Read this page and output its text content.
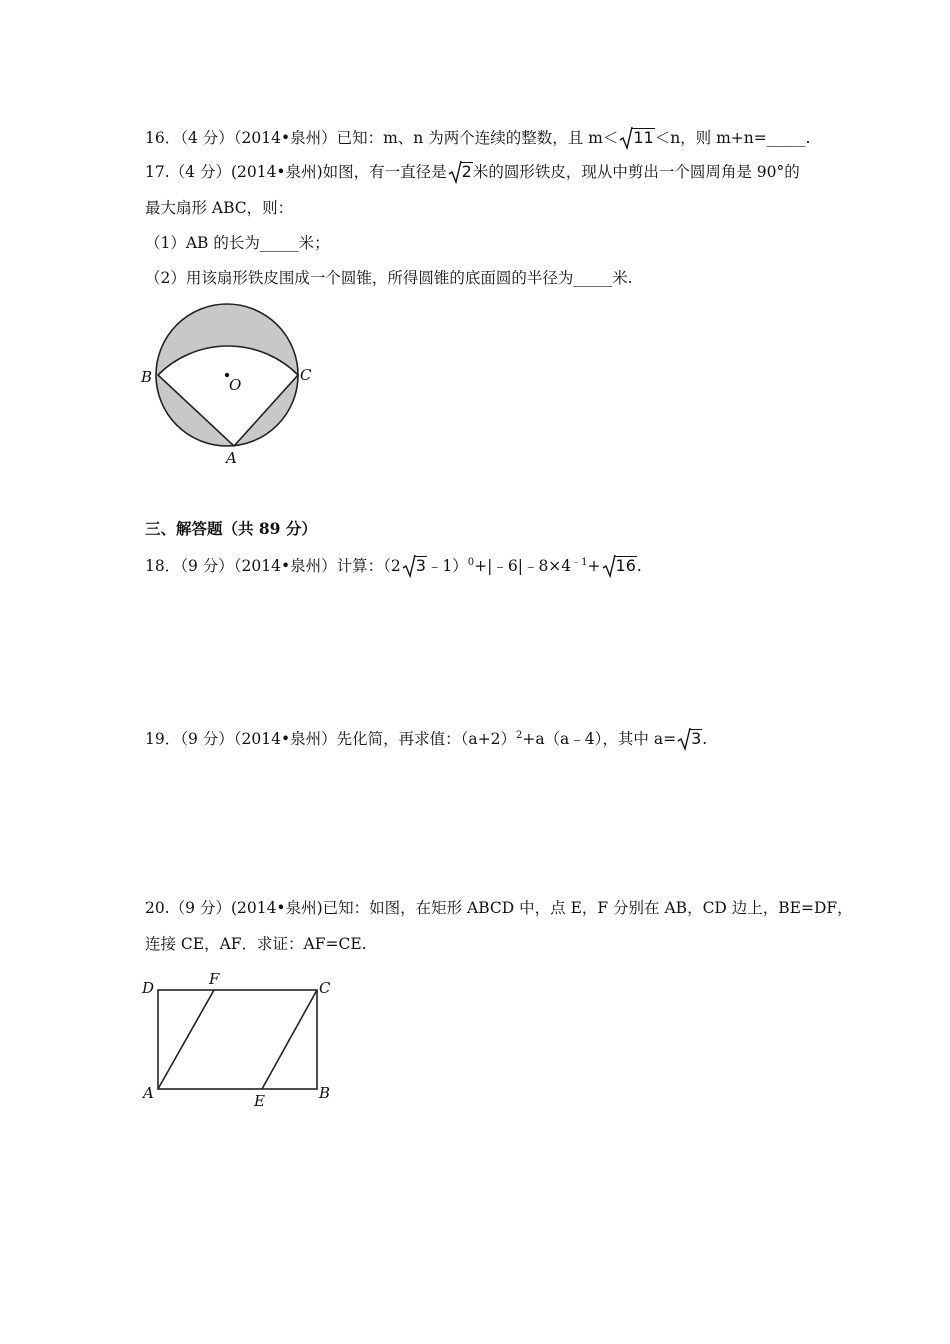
16．（4 分）（2014•泉州）已知：m、n 为两个连续的整数，且 m＜ 11＜n，则 m+n=_____.
17.（4 分）(2014•泉州)如图，有一直径是 2米的圆形铁皮，现从中剪出一个圆周角是 90°的
最大扇形 ABC，则：
（1）AB 的长为_____米；
（2）用该扇形铁皮围成一个圆锥，所得圆锥的底面圆的半径为_____米.
B	C
O
A
三、解答题（共 89 分）
18．（9 分）（2014•泉州）计算：（2 $3﹣1)^0+|﹣6|﹣8\times 4^{﹣1}+ 16$.
19．（9 分）（2014•泉州）先化简，再求值：$(a+2)^2+a(a﹣4)$，其中 a= 3.
20.（9 分）(2014•泉州)已知：如图，在矩形 ABCD 中，点 E，F 分别在 AB，CD 边上，BE=DF，
连接 CE，AF．求证：AF=CE.
D	F	C
A	E	B
